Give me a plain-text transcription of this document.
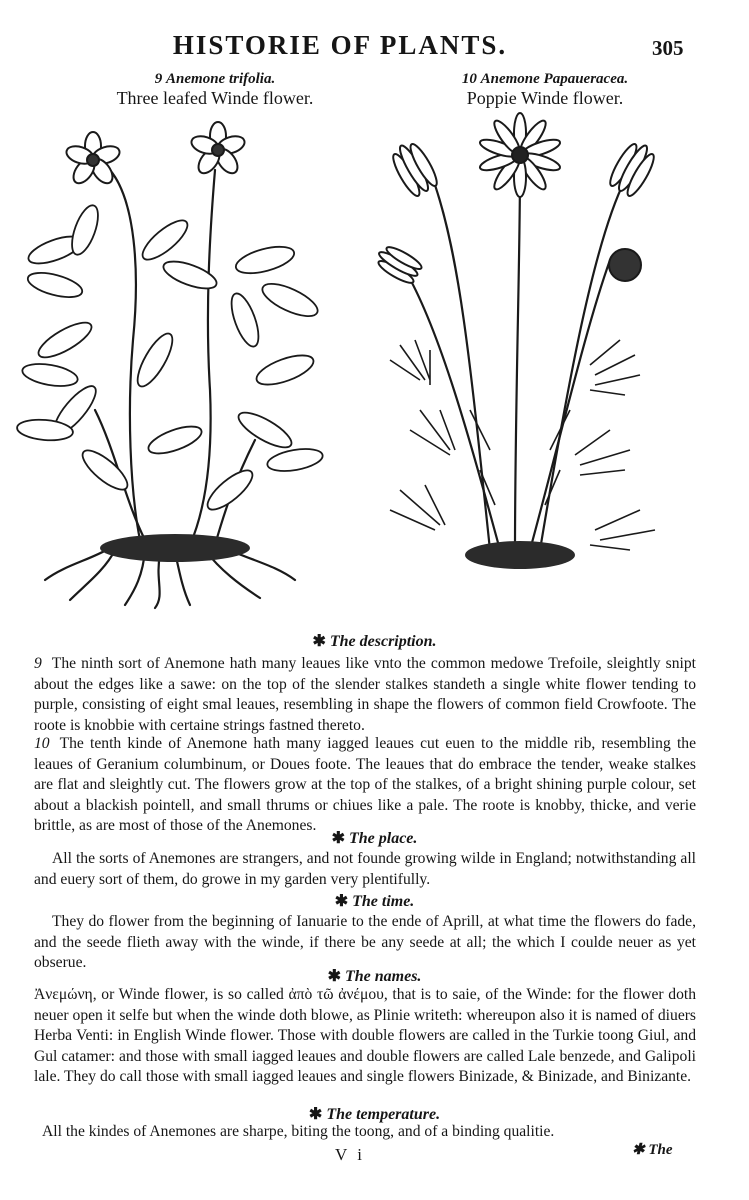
HISTORIE OF PLANTS.	305
9 Anemone trifolia.
Three leafed Winde flower.
10 Anemone Papaueracea.
Poppie Winde flower.
✱ The description.

9 The ninth sort of Anemone hath many leaues like vnto the common medowe Trefoile, sleightly snipt about the edges like a sawe: on the top of the slender stalkes standeth a single white flower tending to purple, consisting of eight smal leaues, resembling in shape the flowers of common field Crowfoote. The roote is knobbie with certaine strings fastned thereto.

10 The tenth kinde of Anemone hath many iagged leaues cut euen to the middle rib, resembling the leaues of Geranium columbinum, or Doues foote. The leaues that do embrace the tender, weake stalkes are flat and sleightly cut. The flowers grow at the top of the stalkes, of a bright shining purple colour, set about a blackish pointell, and small thrums or chiues like a pale. The roote is knobby, thicke, and verie brittle, as are most of those of the Anemones.

✱ The place.

All the sorts of Anemones are strangers, and not founde growing wilde in England; notwithstanding all and euery sort of them, do growe in my garden very plentifully.

✱ The time.

They do flower from the beginning of Ianuarie to the ende of Aprill, at what time the flowers do fade, and the seede flieth away with the winde, if there be any seede at all; the which I coulde neuer as yet obserue.

✱ The names.

Ἀνεμώνη, or Winde flower, is so called ἀπὸ τῶ ἀνέμου, that is to saie, of the Winde: for the flower doth neuer open it selfe but when the winde doth blowe, as Plinie writeth: whereupon also it is named of diuers Herba Venti: in English Winde flower. Those with double flowers are called in the Turkie toong Giul, and Gul catamer: and those with small iagged leaues and double flowers are called Lale benzede, and Galipoli lale. They do call those with small iagged leaues and single flowers Binizade, & Binizade, and Binizante.

✱ The temperature.

All the kindes of Anemones are sharpe, biting the toong, and of a binding qualitie.

V i	✱ The
